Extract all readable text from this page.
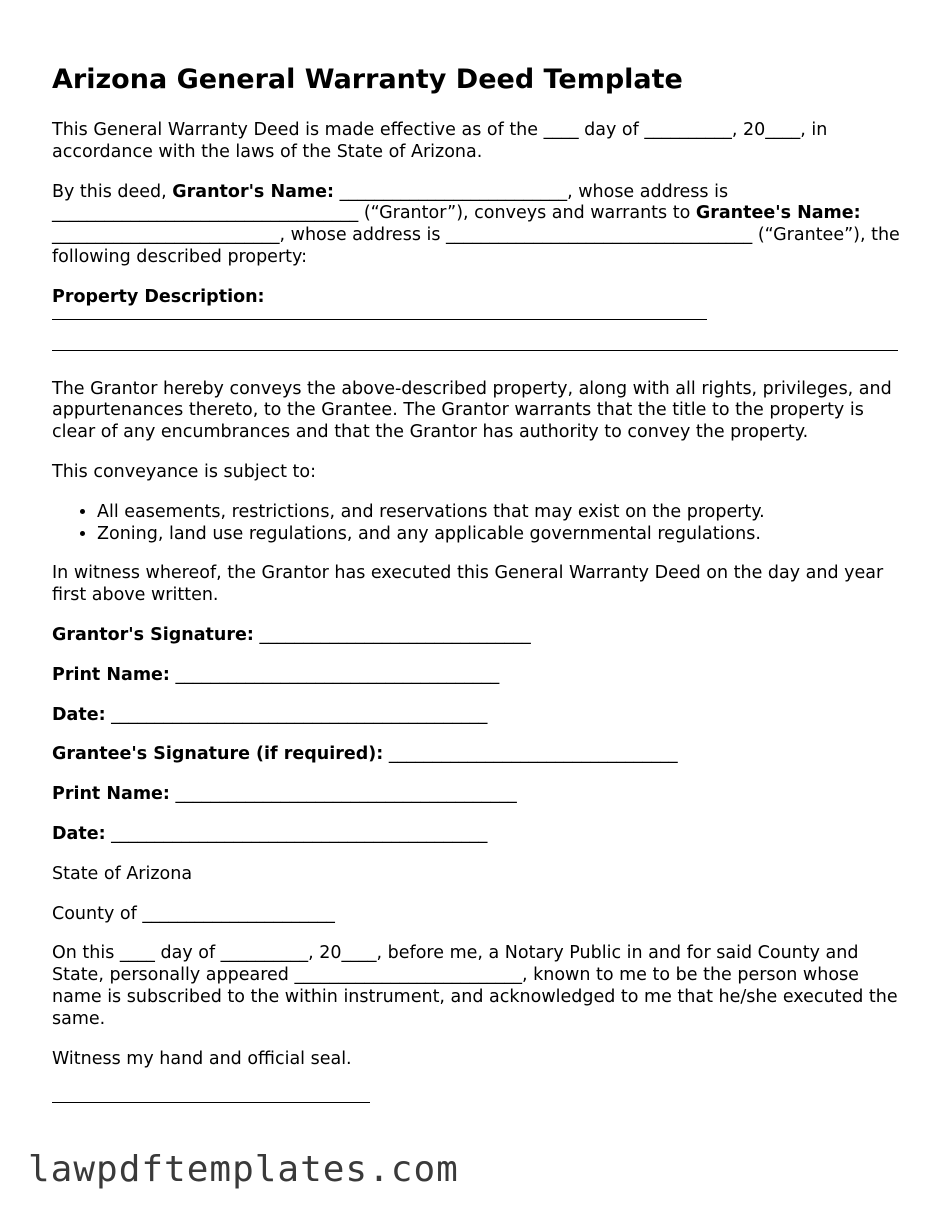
Arizona General Warranty Deed Template

This General Warranty Deed is made effective as of the ____ day of __________, 20____, in accordance with the laws of the State of Arizona.

By this deed, Grantor's Name: __________________________, whose address is ___________________________________ (“Grantor”), conveys and warrants to Grantee's Name: __________________________, whose address is ___________________________________ (“Grantee”), the following described property:

Property Description:

The Grantor hereby conveys the above-described property, along with all rights, privileges, and appurtenances thereto, to the Grantee. The Grantor warrants that the title to the property is clear of any encumbrances and that the Grantor has authority to convey the property.

This conveyance is subject to:

• All easements, restrictions, and reservations that may exist on the property.
• Zoning, land use regulations, and any applicable governmental regulations.

In witness whereof, the Grantor has executed this General Warranty Deed on the day and year first above written.

Grantor's Signature: _______________________________

Print Name: _____________________________________

Date: ___________________________________________

Grantee's Signature (if required): _________________________________

Print Name: _______________________________________

Date: ___________________________________________

State of Arizona

County of ______________________

On this ____ day of __________, 20____, before me, a Notary Public in and for said County and State, personally appeared __________________________, known to me to be the person whose name is subscribed to the within instrument, and acknowledged to me that he/she executed the same.

Witness my hand and official seal.

lawpdftemplates.com
